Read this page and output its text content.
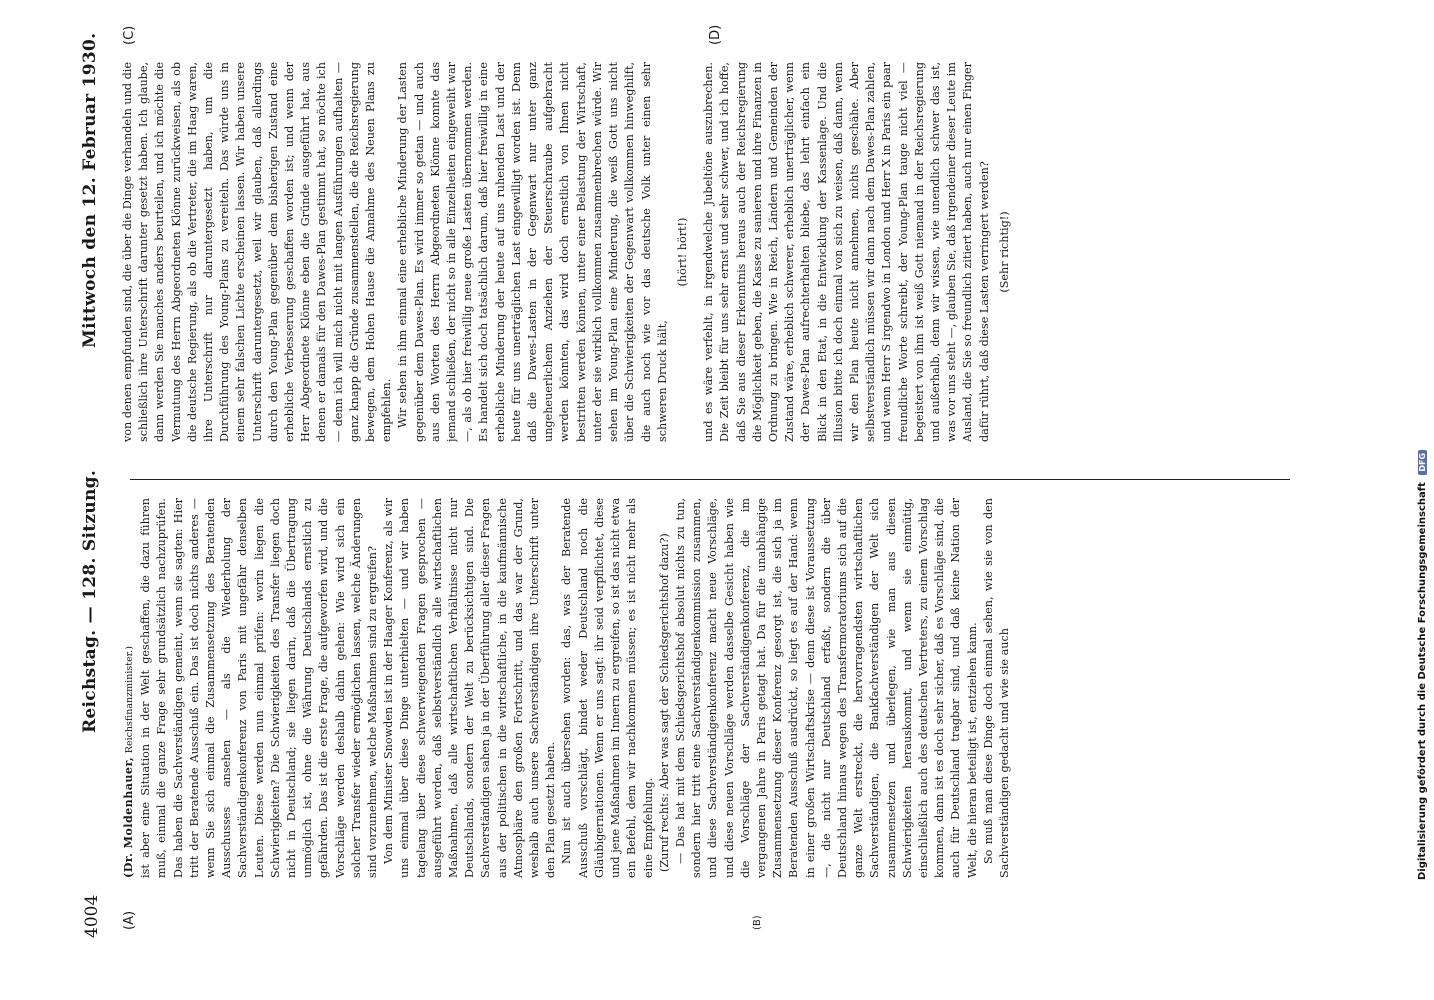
4004
Reichstag. — 128. Sitzung.
Mittwoch den 12. Februar 1930.
(A)	(B)
(C)	(D)

(Dr. Moldenhauer, Reichsfinanzminister.) ist aber eine Situation in der Welt geschaffen, die dazu führen muß, einmal die ganze Frage sehr grundsätzlich nachzuprüfen. Das haben die Sachverständigen gemeint, wenn sie sagten: Hier tritt der Beratende Ausschuß ein. Das ist doch nichts anderes — wenn Sie sich einmal die Zusammensetzung des Beratenden Ausschusses ansehen — als die Wiederholung der Sachverständigenkonferenz von Paris mit ungefähr denselben Leuten. Diese werden nun einmal prüfen: worin liegen die Schwierigkeiten? Die Schwierigkeiten des Transfer liegen doch nicht in Deutschland; sie liegen darin, daß die Übertragung unmöglich ist, ohne die Währung Deutschlands ernstlich zu gefährden. Das ist die erste Frage, die aufgeworfen wird, und die Vorschläge werden deshalb dahin gehen: Wie wird sich ein solcher Transfer wieder ermöglichen lassen, welche Änderungen sind vorzunehmen, welche Maßnahmen sind zu ergreifen? Von dem Minister Snowden ist in der Haager Konferenz, als wir uns einmal über diese Dinge unterhielten — und wir haben tagelang über diese schwerwiegenden Fragen gesprochen — ausgeführt worden, daß selbstverständlich alle wirtschaftlichen Maßnahmen, daß alle wirtschaftlichen Verhältnisse nicht nur Deutschlands, sondern der Welt zu berücksichtigen sind. Die Sachverständigen sahen ja in der Überführung aller dieser Fragen aus der politischen in die wirtschaftliche, in die kaufmännische Atmosphäre den großen Fortschritt, und das war der Grund, weshalb auch unsere Sachverständigen ihre Unterschrift unter den Plan gesetzt haben. Nun ist auch übersehen worden: das, was der Beratende Ausschuß vorschlägt, bindet weder Deutschland noch die Gläubigernationen. Wenn er uns sagt: ihr seid verpflichtet, diese und jene Maßnahmen im Innern zu ergreifen, so ist das nicht etwa ein Befehl, dem wir nachkommen müssen; es ist nicht mehr als eine Empfehlung. (Zuruf rechts: Aber was sagt der Schiedsgerichtshof dazu?) — Das hat mit dem Schiedsgerichtshof absolut nichts zu tun, sondern hier tritt eine Sachverständigenkommission zusammen, und diese Sachverständigenkonferenz macht neue Vorschläge, und diese neuen Vorschläge werden dasselbe Gesicht haben wie die Vorschläge der Sachverständigenkonferenz, die im vergangenen Jahre in Paris getagt hat. Da für die unabhängige Zusammensetzung dieser Konferenz gesorgt ist, die sich ja im Beratenden Ausschuß ausdrückt, so liegt es auf der Hand: wenn in einer großen Wirtschaftskrise — denn diese ist Voraussetzung —, die nicht nur Deutschland erfaßt, sondern die über Deutschland hinaus wegen des Transfermoratoriums sich auf die ganze Welt erstreckt, die hervorragendsten wirtschaftlichen Sachverständigen, die Bankfachverständigen der Welt sich zusammensetzen und überlegen, wie man aus diesen Schwierigkeiten herauskommt, und wenn sie einmütig, einschließlich auch des deutschen Vertreters, zu einem Vorschlag kommen, dann ist es doch sehr sicher, daß es Vorschläge sind, die auch für Deutschland tragbar sind, und daß keine Nation der Welt, die hieran beteiligt ist, entziehen kann. So muß man diese Dinge doch einmal sehen, wie sie von den Sachverständigen gedacht und wie sie auch

von denen empfunden sind, die über die Dinge verhandeln und die schließlich ihre Unterschrift darunter gesetzt haben. Ich glaube, dann werden Sie manches anders beurteilen, und ich möchte die Vermutung des Herrn Abgeordneten Klönne zurückweisen, als ob die deutsche Regierung, als ob die Vertreter, die im Haag waren, ihre Unterschrift nur daruntergesetzt haben, um die Durchführung des Young-Plans zu vereiteln. Das würde uns in einem sehr falschen Lichte erscheinen lassen. Wir haben unsere Unterschrift daruntergesetzt, weil wir glauben, daß allerdings durch den Young-Plan gegenüber dem bisherigen Zustand eine erhebliche Verbesserung geschaffen worden ist; und wenn der Herr Abgeordnete Klönne eben die Gründe ausgeführt hat, aus denen er damals für den Dawes-Plan gestimmt hat, so möchte ich — denn ich will mich nicht mit langen Ausführungen aufhalten — ganz knapp die Gründe zusammenstellen, die die Reichsregierung bewegen, dem Hohen Hause die Annahme des Neuen Plans zu empfehlen. Wir sehen in ihm einmal eine erhebliche Minderung der Lasten gegenüber dem Dawes-Plan. Es wird immer so getan — und auch aus den Worten des Herrn Abgeordneten Klönne konnte das jemand schließen, der nicht so in alle Einzelheiten eingeweiht war —, als ob hier freiwillig neue große Lasten übernommen werden. Es handelt sich doch tatsächlich darum, daß hier freiwillig in eine erhebliche Minderung der heute auf uns ruhenden Last und der heute für uns unerträglichen Last eingewilligt worden ist. Denn daß die Dawes-Lasten in der Gegenwart nur unter ganz ungeheuerlichem Anziehen der Steuerschraube aufgebracht werden könnten, das wird doch ernstlich von Ihnen nicht bestritten werden können, unter einer Belastung der Wirtschaft, unter der sie wirklich vollkommen zusammenbrechen würde. Wir sehen im Young-Plan eine Minderung, die weiß Gott uns nicht über die Schwierigkeiten der Gegenwart vollkommen hinweghilft, die auch noch wie vor das deutsche Volk unter einen sehr schweren Druck hält,

(hört! hört!) und es wäre verfehlt, in irgendwelche Jubeltöne auszubrechen. Die Zeit bleibt für uns sehr ernst und sehr schwer, und ich hoffe, daß Sie aus dieser Erkenntnis heraus auch der Reichsregierung die Möglichkeit geben, die Kasse zu sanieren und ihre Finanzen in Ordnung zu bringen. Wie in Reich, Ländern und Gemeinden der Zustand wäre, erheblich schwerer, erheblich unerträglicher, wenn der Dawes-Plan aufrechterhalten bliebe, das lehrt einfach ein Blick in den Etat, in die Entwicklung der Kassenlage. Und die Illusion bitte ich doch einmal von sich zu weisen, daß dann, wenn wir den Plan heute nicht annehmen, nichts geschähe. Aber selbstverständlich müssen wir dann nach dem Dawes-Plan zahlen, und wenn Herr S irgendwo in London und Herr X in Paris ein paar freundliche Worte schreibt, der Young-Plan tauge nicht viel — begeistert von ihm ist weiß Gott niemand in der Reichsregierung und außerhalb, denn wir wissen, wie unendlich schwer das ist, was vor uns steht —, glauben Sie, daß irgendeiner dieser Leute im Ausland, die Sie so freundlich zitiert haben, auch nur einen Finger dafür rührt, daß diese Lasten verringert werden? (Sehr richtig!)

Digitalisierung gefördert durch die Deutsche Forschungsgemeinschaft DFG
